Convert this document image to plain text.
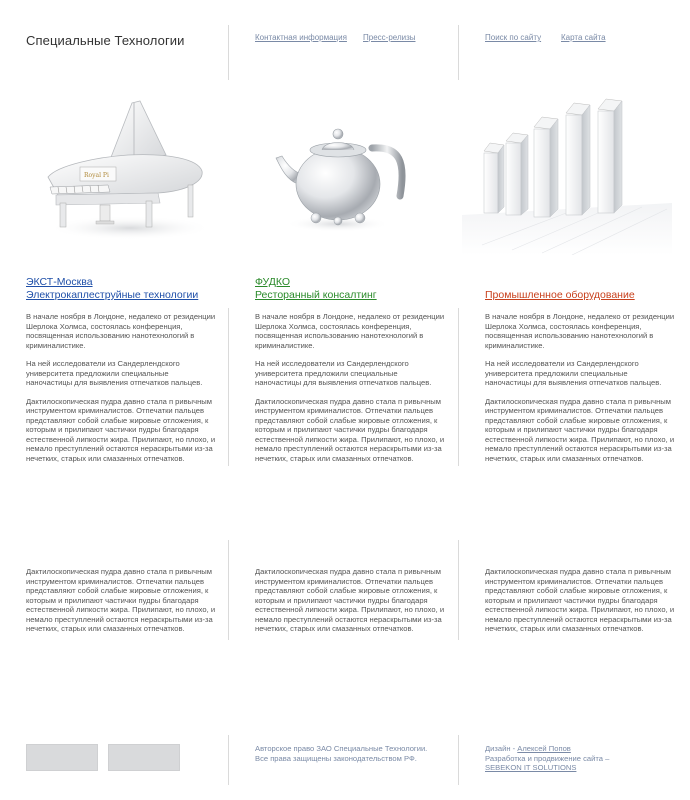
Специальные Технологии	Контактная информация Пресс-релизы	Поиск по сайту Карта сайта
Royal Pi
ЭКСТ-Москва
Электрокаплеструйные технологии

В начале ноября в Лондоне, недалеко от резиденции Шерлока Холмса, состоялась конференция, посвященная использованию нанотехнологий в криминалистике.

На ней исследователи из Сандерлендского университета предложили специальные наночастицы для выявления отпечатков пальцев.

Дактилоскопическая пудра давно стала п ривычным инструментом криминалистов. Отпечатки пальцев представляют собой слабые жировые отложения, к которым и прилипают частички пудры благодаря естественной липкости жира. Прилипают, но плохо, и немало преступлений остаются нераскрытыми из-за нечетких, старых или смазанных отпечатков.

Дактилоскопическая пудра давно стала п ривычным инструментом криминалистов. Отпечатки пальцев представляют собой слабые жировые отложения, к которым и прилипают частички пудры благодаря естественной липкости жира. Прилипают, но плохо, и немало преступлений остаются нераскрытыми из-за нечетких, старых или смазанных отпечатков.

ФУДКО
Ресторанный консалтинг

В начале ноября в Лондоне, недалеко от резиденции Шерлока Холмса, состоялась конференция, посвященная использованию нанотехнологий в криминалистике.

На ней исследователи из Сандерлендского университета предложили специальные наночастицы для выявления отпечатков пальцев.

Дактилоскопическая пудра давно стала п ривычным инструментом криминалистов. Отпечатки пальцев представляют собой слабые жировые отложения, к которым и прилипают частички пудры благодаря естественной липкости жира. Прилипают, но плохо, и немало преступлений остаются нераскрытыми из-за нечетких, старых или смазанных отпечатков.

Дактилоскопическая пудра давно стала п ривычным инструментом криминалистов. Отпечатки пальцев представляют собой слабые жировые отложения, к которым и прилипают частички пудры благодаря естественной липкости жира. Прилипают, но плохо, и немало преступлений остаются нераскрытыми из-за нечетких, старых или смазанных отпечатков.

Промышленное оборудование

В начале ноября в Лондоне, недалеко от резиденции Шерлока Холмса, состоялась конференция, посвященная использованию нанотехнологий в криминалистике.

На ней исследователи из Сандерлендского университета предложили специальные наночастицы для выявления отпечатков пальцев.

Дактилоскопическая пудра давно стала п ривычным инструментом криминалистов. Отпечатки пальцев представляют собой слабые жировые отложения, к которым и прилипают частички пудры благодаря естественной липкости жира. Прилипают, но плохо, и немало преступлений остаются нераскрытыми из-за нечетких, старых или смазанных отпечатков.

Дактилоскопическая пудра давно стала п ривычным инструментом криминалистов. Отпечатки пальцев представляют собой слабые жировые отложения, к которым и прилипают частички пудры благодаря естественной липкости жира. Прилипают, но плохо, и немало преступлений остаются нераскрытыми из-за нечетких, старых или смазанных отпечатков.

Авторское право ЗАО Специальные Технологии.
Все права защищены законодательством РФ.
Дизайн - Алексей Попов
Разработка и продвижение сайта –
SEBEKON IT SOLUTIONS
